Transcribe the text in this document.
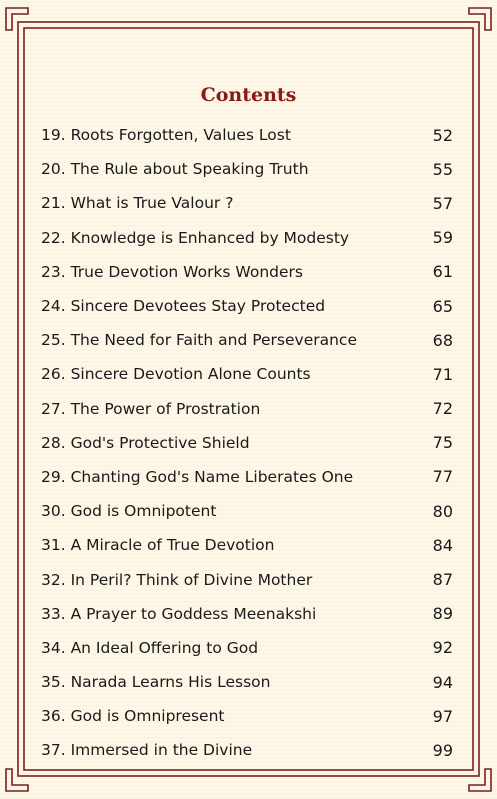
Contents
19. Roots Forgotten, Values Lost	52
20. The Rule about Speaking Truth	55
21. What is True Valour ?	57
22. Knowledge is Enhanced by Modesty	59
23. True Devotion Works Wonders	61
24. Sincere Devotees Stay Protected	65
25. The Need for Faith and Perseverance	68
26. Sincere Devotion Alone Counts	71
27. The Power of Prostration	72
28. God's Protective Shield	75
29. Chanting God's Name Liberates One	77
30. God is Omnipotent	80
31. A Miracle of True Devotion	84
32. In Peril? Think of Divine Mother	87
33. A Prayer to Goddess Meenakshi	89
34. An Ideal Offering to God	92
35. Narada Learns His Lesson	94
36. God is Omnipresent	97
37. Immersed in the Divine	99
